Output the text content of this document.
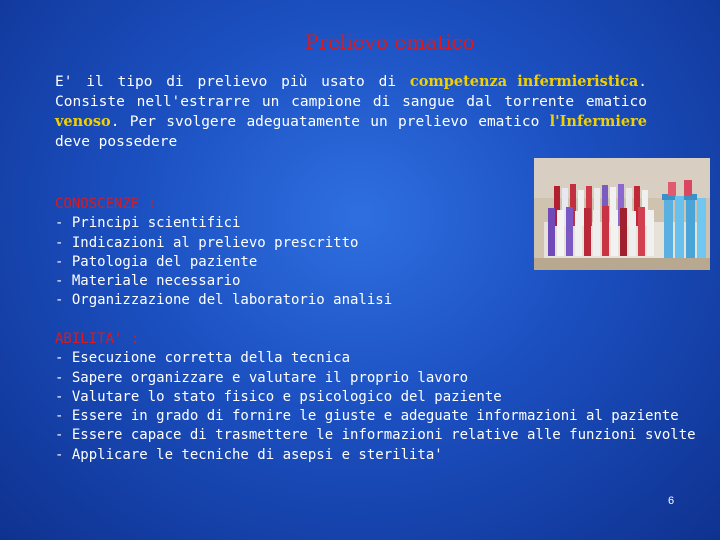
Prelievo ematico
E' il tipo di prelievo più usato di competenza infermieristica. Consiste nell'estrarre un campione di sangue dal torrente ematico venoso. Per svolgere adeguatamente un prelievo ematico l'Infermiere deve possedere
CONOSCENZE :
- Principi scientifici
- Indicazioni al prelievo prescritto
- Patologia del paziente
- Materiale necessario
- Organizzazione del laboratorio analisi
ABILITA' :
- Esecuzione corretta della tecnica
- Sapere organizzare e valutare il proprio lavoro
- Valutare lo stato fisico e psicologico del paziente
- Essere in grado di fornire le giuste e adeguate informazioni al paziente
- Essere capace di trasmettere le informazioni relative alle funzioni svolte
- Applicare le tecniche di asepsi e sterilita'
6
